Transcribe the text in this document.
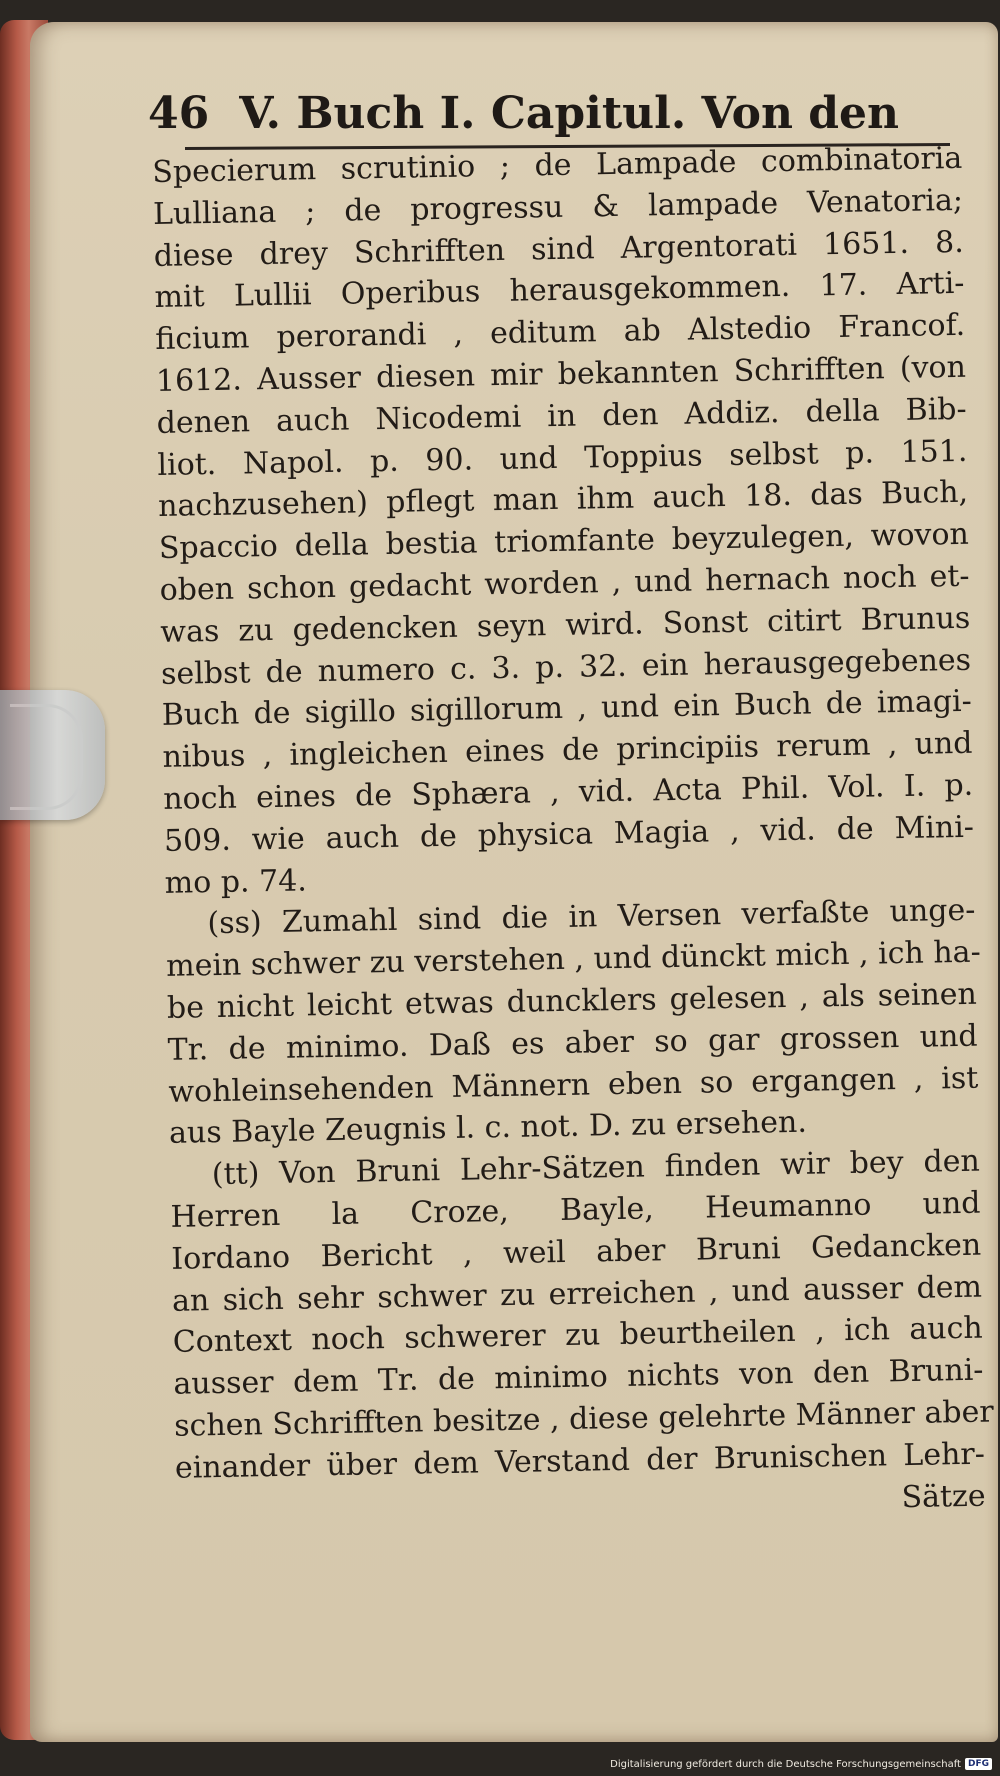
46 V. Buch I. Capitul. Von den
Specierum scrutinio ; de Lampade combinatoria
Lulliana ; de progressu & lampade Venatoria;
diese drey Schrifften sind Argentorati 1651. 8.
mit Lullii Operibus herausgekommen. 17. Arti-
ficium perorandi , editum ab Alstedio Francof.
1612. Ausser diesen mir bekannten Schrifften (von
denen auch Nicodemi in den Addiz. della Bib-
liot. Napol. p. 90. und Toppius selbst p. 151.
nachzusehen) pflegt man ihm auch 18. das Buch,
Spaccio della bestia triomfante beyzulegen, wovon
oben schon gedacht worden , und hernach noch et-
was zu gedencken seyn wird. Sonst citirt Brunus
selbst de numero c. 3. p. 32. ein herausgegebenes
Buch de sigillo sigillorum , und ein Buch de imagi-
nibus , ingleichen eines de principiis rerum , und
noch eines de Sphæra , vid. Acta Phil. Vol. I. p.
509. wie auch de physica Magia , vid. de Mini-
mo p. 74.
(ss) Zumahl sind die in Versen verfaßte unge-
mein schwer zu verstehen , und dünckt mich , ich ha-
be nicht leicht etwas duncklers gelesen , als seinen
Tr. de minimo. Daß es aber so gar grossen und
wohleinsehenden Männern eben so ergangen , ist
aus Bayle Zeugnis l. c. not. D. zu ersehen.
(tt) Von Bruni Lehr-Sätzen finden wir bey den
Herren la Croze, Bayle, Heumanno und
Iordano Bericht , weil aber Bruni Gedancken
an sich sehr schwer zu erreichen , und ausser dem
Context noch schwerer zu beurtheilen , ich auch
ausser dem Tr. de minimo nichts von den Bruni-
schen Schrifften besitze , diese gelehrte Männer aber
einander über dem Verstand der Brunischen Lehr-
Sätze
Digitalisierung gefördert durch die Deutsche Forschungsgemeinschaft DFG
